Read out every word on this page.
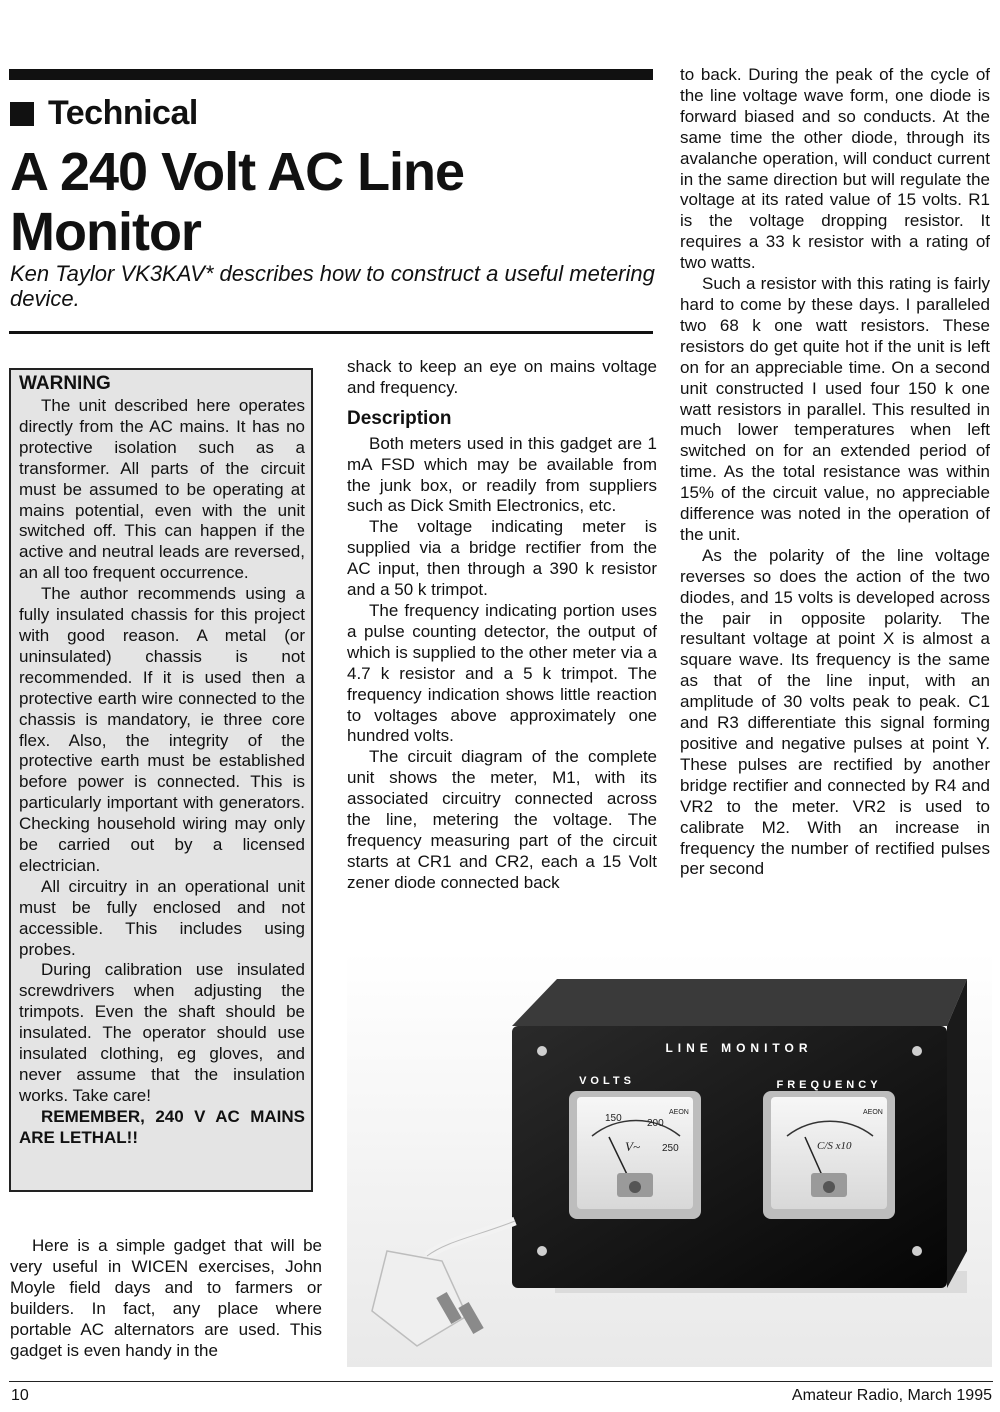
Technical
A 240 Volt AC Line Monitor

Ken Taylor VK3KAV* describes how to construct a useful metering device.

WARNING

The unit described here operates directly from the AC mains. It has no protective isolation such as a transformer. All parts of the circuit must be assumed to be operating at mains potential, even with the unit switched off. This can happen if the active and neutral leads are reversed, an all too frequent occurrence.

The author recommends using a fully insulated chassis for this project with good reason. A metal (or uninsulated) chassis is not recommended. If it is used then a protective earth wire connected to the chassis is mandatory, ie three core flex. Also, the integrity of the protective earth must be established before power is connected. This is particularly important with generators. Checking household wiring may only be carried out by a licensed electrician.

All circuitry in an operational unit must be fully enclosed and not accessible. This includes using probes.

During calibration use insulated screwdrivers when adjusting the trimpots. Even the shaft should be insulated. The operator should use insulated clothing, eg gloves, and never assume that the insulation works. Take care!

REMEMBER, 240 V AC MAINS ARE LETHAL!!

Here is a simple gadget that will be very useful in WICEN exercises, John Moyle field days and to farmers or builders. In fact, any place where portable AC alternators are used. This gadget is even handy in the

shack to keep an eye on mains voltage and frequency.

Description

Both meters used in this gadget are 1 mA FSD which may be available from the junk box, or readily from suppliers such as Dick Smith Electronics, etc.

The voltage indicating meter is supplied via a bridge rectifier from the AC input, then through a 390 k resistor and a 50 k trimpot.

The frequency indicating portion uses a pulse counting detector, the output of which is supplied to the other meter via a 4.7 k resistor and a 5 k trimpot. The frequency indication shows little reaction to voltages above approximately one hundred volts.

The circuit diagram of the complete unit shows the meter, M1, with its associated circuitry connected across the line, metering the voltage. The frequency measuring part of the circuit starts at CR1 and CR2, each a 15 Volt zener diode connected back

to back. During the peak of the cycle of the line voltage wave form, one diode is forward biased and so conducts. At the same time the other diode, through its avalanche operation, will conduct current in the same direction but will regulate the voltage at its rated value of 15 volts. R1 is the voltage dropping resistor. It requires a 33 k resistor with a rating of two watts.

Such a resistor with this rating is fairly hard to come by these days. I paralleled two 68 k one watt resistors. These resistors do get quite hot if the unit is left on for an appreciable time. On a second unit constructed I used four 150 k one watt resistors in parallel. This resulted in much lower temperatures when left switched on for an extended period of time. As the total resistance was within 15% of the circuit value, no appreciable difference was noted in the operation of the unit.

As the polarity of the line voltage reverses so does the action of the two diodes, and 15 volts is developed across the pair in opposite polarity. The resultant voltage at point X is almost a square wave. Its frequency is the same as that of the line input, with an amplitude of 30 volts peak to peak. C1 and R3 differentiate this signal forming positive and negative pulses at point Y. These pulses are rectified by another bridge rectifier and connected by R4 and VR2 to the meter. VR2 is used to calibrate M2. With an increase in frequency the number of rectified pulses per second

LINE MONITOR
VOLTS	FREQUENCY
150	200
250
AEON
V~
AEON
C/S x10
10	Amateur Radio, March 1995
